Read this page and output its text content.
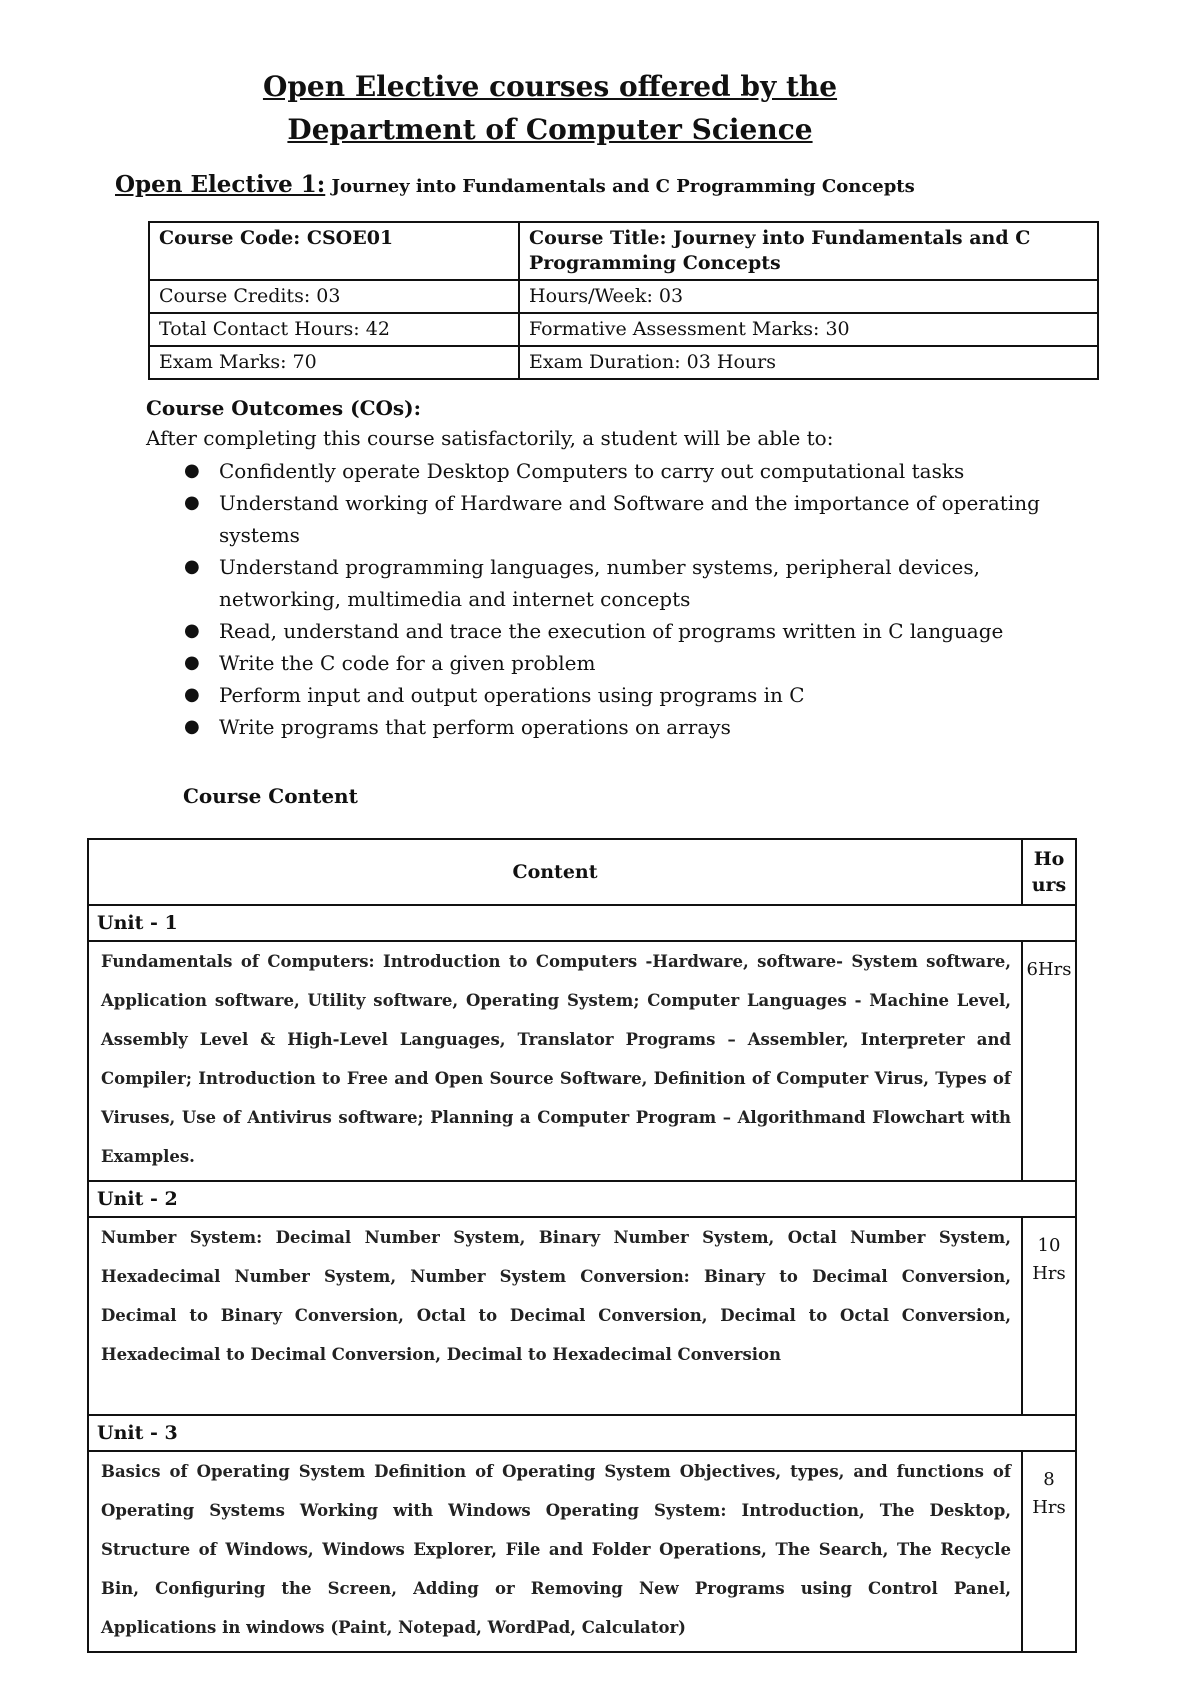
Open Elective courses offered by the
Department of Computer Science

Open Elective 1: Journey into Fundamentals and C Programming Concepts

Course Code: CSOE01	Course Title: Journey into Fundamentals and C Programming Concepts
Course Credits: 03	Hours/Week: 03
Total Contact Hours: 42	Formative Assessment Marks: 30
Exam Marks: 70	Exam Duration: 03 Hours
Course Outcomes (COs):
After completing this course satisfactorily, a student will be able to:
● Confidently operate Desktop Computers to carry out computational tasks
● Understand working of Hardware and Software and the importance of operating systems
● Understand programming languages, number systems, peripheral devices, networking, multimedia and internet concepts
● Read, understand and trace the execution of programs written in C language
● Write the C code for a given problem
● Perform input and output operations using programs in C
● Write programs that perform operations on arrays

Course Content

Content	Ho urs
Unit - 1	
Fundamentals of Computers: Introduction to Computers -Hardware, software- System software, Application software, Utility software, Operating System; Computer Languages - Machine Level, Assembly Level & High-Level Languages, Translator Programs – Assembler, Interpreter and Compiler; Introduction to Free and Open Source Software, Definition of Computer Virus, Types of Viruses, Use of Antivirus software; Planning a Computer Program – Algorithmand Flowchart with Examples.	6Hrs
Unit - 2	
Number System: Decimal Number System, Binary Number System, Octal Number System, Hexadecimal Number System, Number System Conversion: Binary to Decimal Conversion, Decimal to Binary Conversion, Octal to Decimal Conversion, Decimal to Octal Conversion, Hexadecimal to Decimal Conversion, Decimal to Hexadecimal Conversion	10 Hrs
Unit - 3	
Basics of Operating System Definition of Operating System Objectives, types, and functions of Operating Systems Working with Windows Operating System: Introduction, The Desktop, Structure of Windows, Windows Explorer, File and Folder Operations, The Search, The Recycle Bin, Configuring the Screen, Adding or Removing New Programs using Control Panel, Applications in windows (Paint, Notepad, WordPad, Calculator)	8 Hrs
